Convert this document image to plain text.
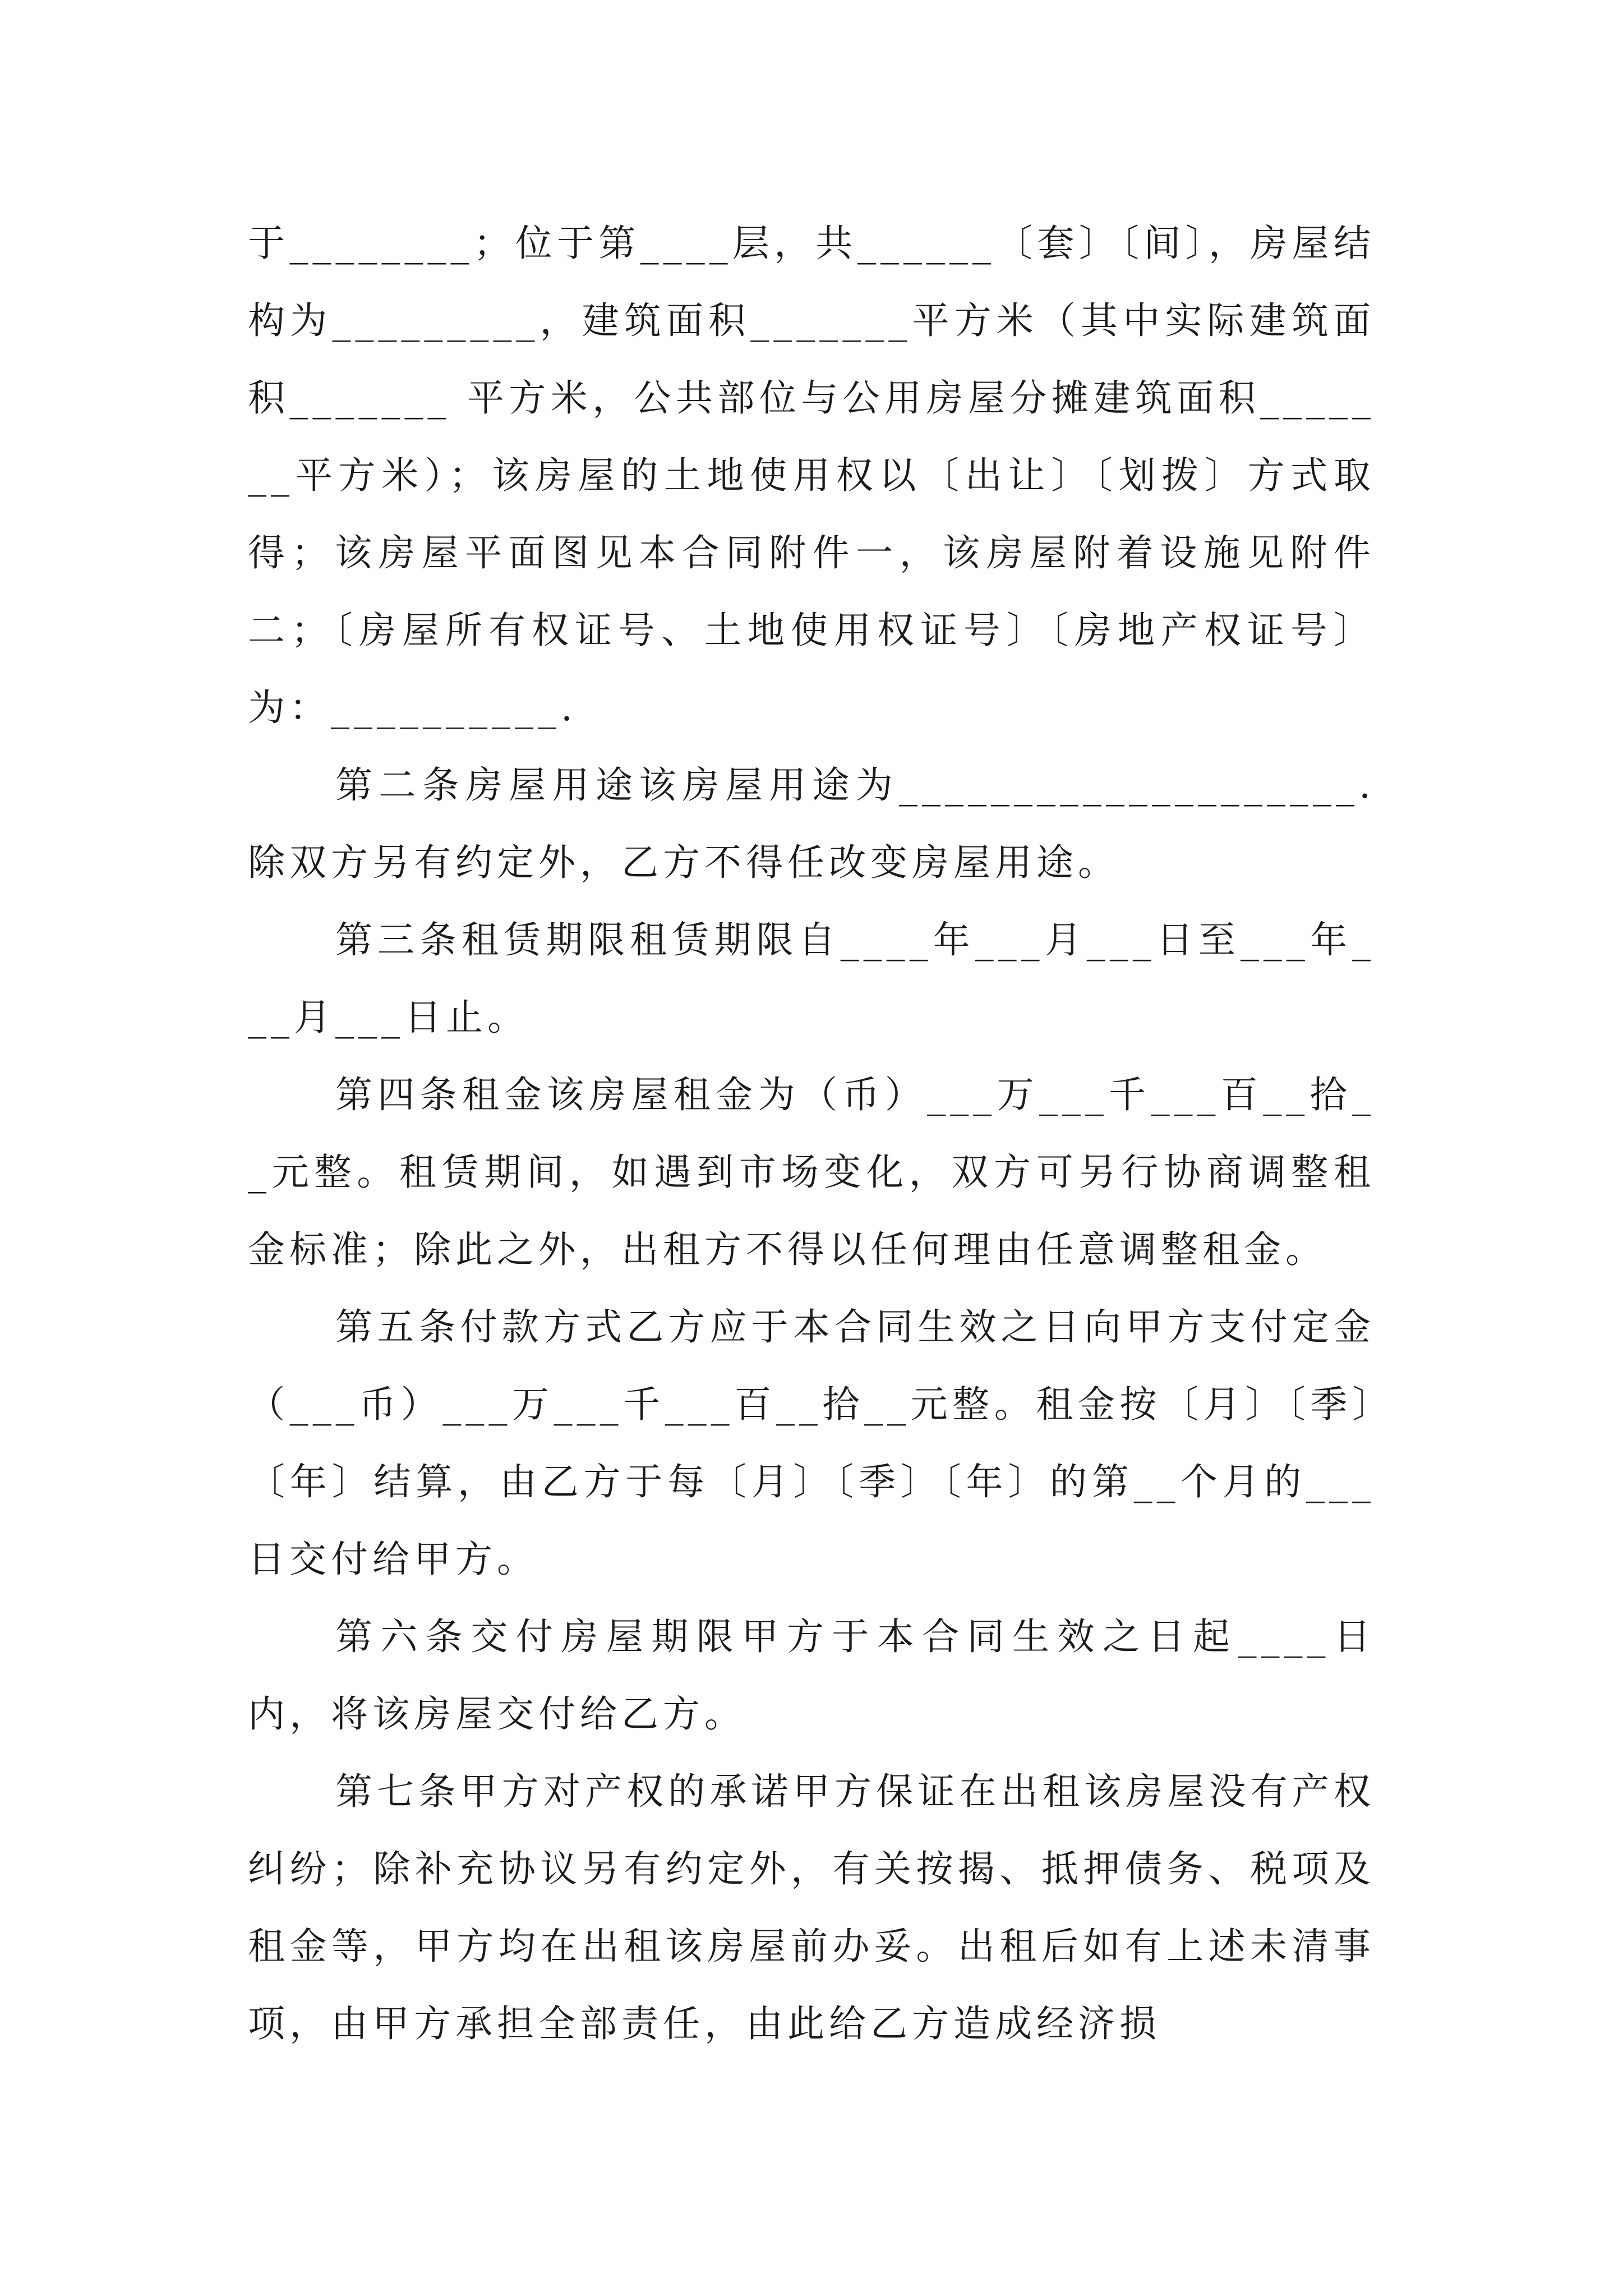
于________；位于第____层，共______〔套〕〔间〕，房屋结构为_________，建筑面积_______平方米（其中实际建筑面积_______ 平方米，公共部位与公用房屋分摊建筑面积_______平方米）；该房屋的土地使用权以〔出让〕〔划拨〕方式取得；该房屋平面图见本合同附件一，该房屋附着设施见附件二；〔房屋所有权证号、土地使用权证号〕〔房地产权证号〕为：__________.

第二条房屋用途该房屋用途为____________________.除双方另有约定外，乙方不得任改变房屋用途。

第三条租赁期限租赁期限自____年___月___日至___年___月___日止。

第四条租金该房屋租金为（币）___万___千___百__拾__元整。租赁期间，如遇到市场变化，双方可另行协商调整租金标准；除此之外，出租方不得以任何理由任意调整租金。

第五条付款方式乙方应于本合同生效之日向甲方支付定金（___币）___万___千___百__拾__元整。租金按〔月〕〔季〕〔年〕结算，由乙方于每〔月〕〔季〕〔年〕的第__个月的___日交付给甲方。

第六条交付房屋期限甲方于本合同生效之日起____日内，将该房屋交付给乙方。

第七条甲方对产权的承诺甲方保证在出租该房屋没有产权纠纷；除补充协议另有约定外，有关按揭、抵押债务、税项及租金等，甲方均在出租该房屋前办妥。出租后如有上述未清事项，由甲方承担全部责任，由此给乙方造成经济损
